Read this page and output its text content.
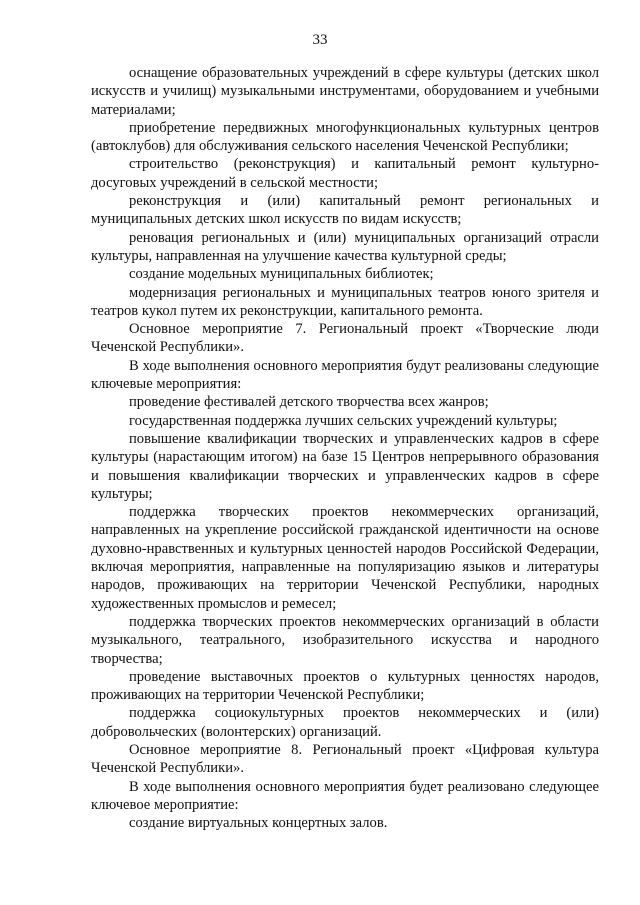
33

оснащение образовательных учреждений в сфере культуры (детских школ искусств и училищ) музыкальными инструментами, оборудованием и учебными материалами;

приобретение передвижных многофункциональных культурных центров (автоклубов) для обслуживания сельского населения Чеченской Республики;

строительство (реконструкция) и капитальный ремонт культурно-досуговых учреждений в сельской местности;

реконструкция и (или) капитальный ремонт региональных и муниципальных детских школ искусств по видам искусств;

реновация региональных и (или) муниципальных организаций отрасли культуры, направленная на улучшение качества культурной среды;

создание модельных муниципальных библиотек;

модернизация региональных и муниципальных театров юного зрителя и театров кукол путем их реконструкции, капитального ремонта.

Основное мероприятие 7. Региональный проект «Творческие люди Чеченской Республики».

В ходе выполнения основного мероприятия будут реализованы следующие ключевые мероприятия:

проведение фестивалей детского творчества всех жанров;

государственная поддержка лучших сельских учреждений культуры;

повышение квалификации творческих и управленческих кадров в сфере культуры (нарастающим итогом) на базе 15 Центров непрерывного образования и повышения квалификации творческих и управленческих кадров в сфере культуры;

поддержка творческих проектов некоммерческих организаций, направленных на укрепление российской гражданской идентичности на основе духовно-нравственных и культурных ценностей народов Российской Федерации, включая мероприятия, направленные на популяризацию языков и литературы народов, проживающих на территории Чеченской Республики, народных художественных промыслов и ремесел;

поддержка творческих проектов некоммерческих организаций в области музыкального, театрального, изобразительного искусства и народного творчества;

проведение выставочных проектов о культурных ценностях народов, проживающих на территории Чеченской Республики;

поддержка социокультурных проектов некоммерческих и (или) добровольческих (волонтерских) организаций.

Основное мероприятие 8. Региональный проект «Цифровая культура Чеченской Республики».

В ходе выполнения основного мероприятия будет реализовано следующее ключевое мероприятие:

создание виртуальных концертных залов.
